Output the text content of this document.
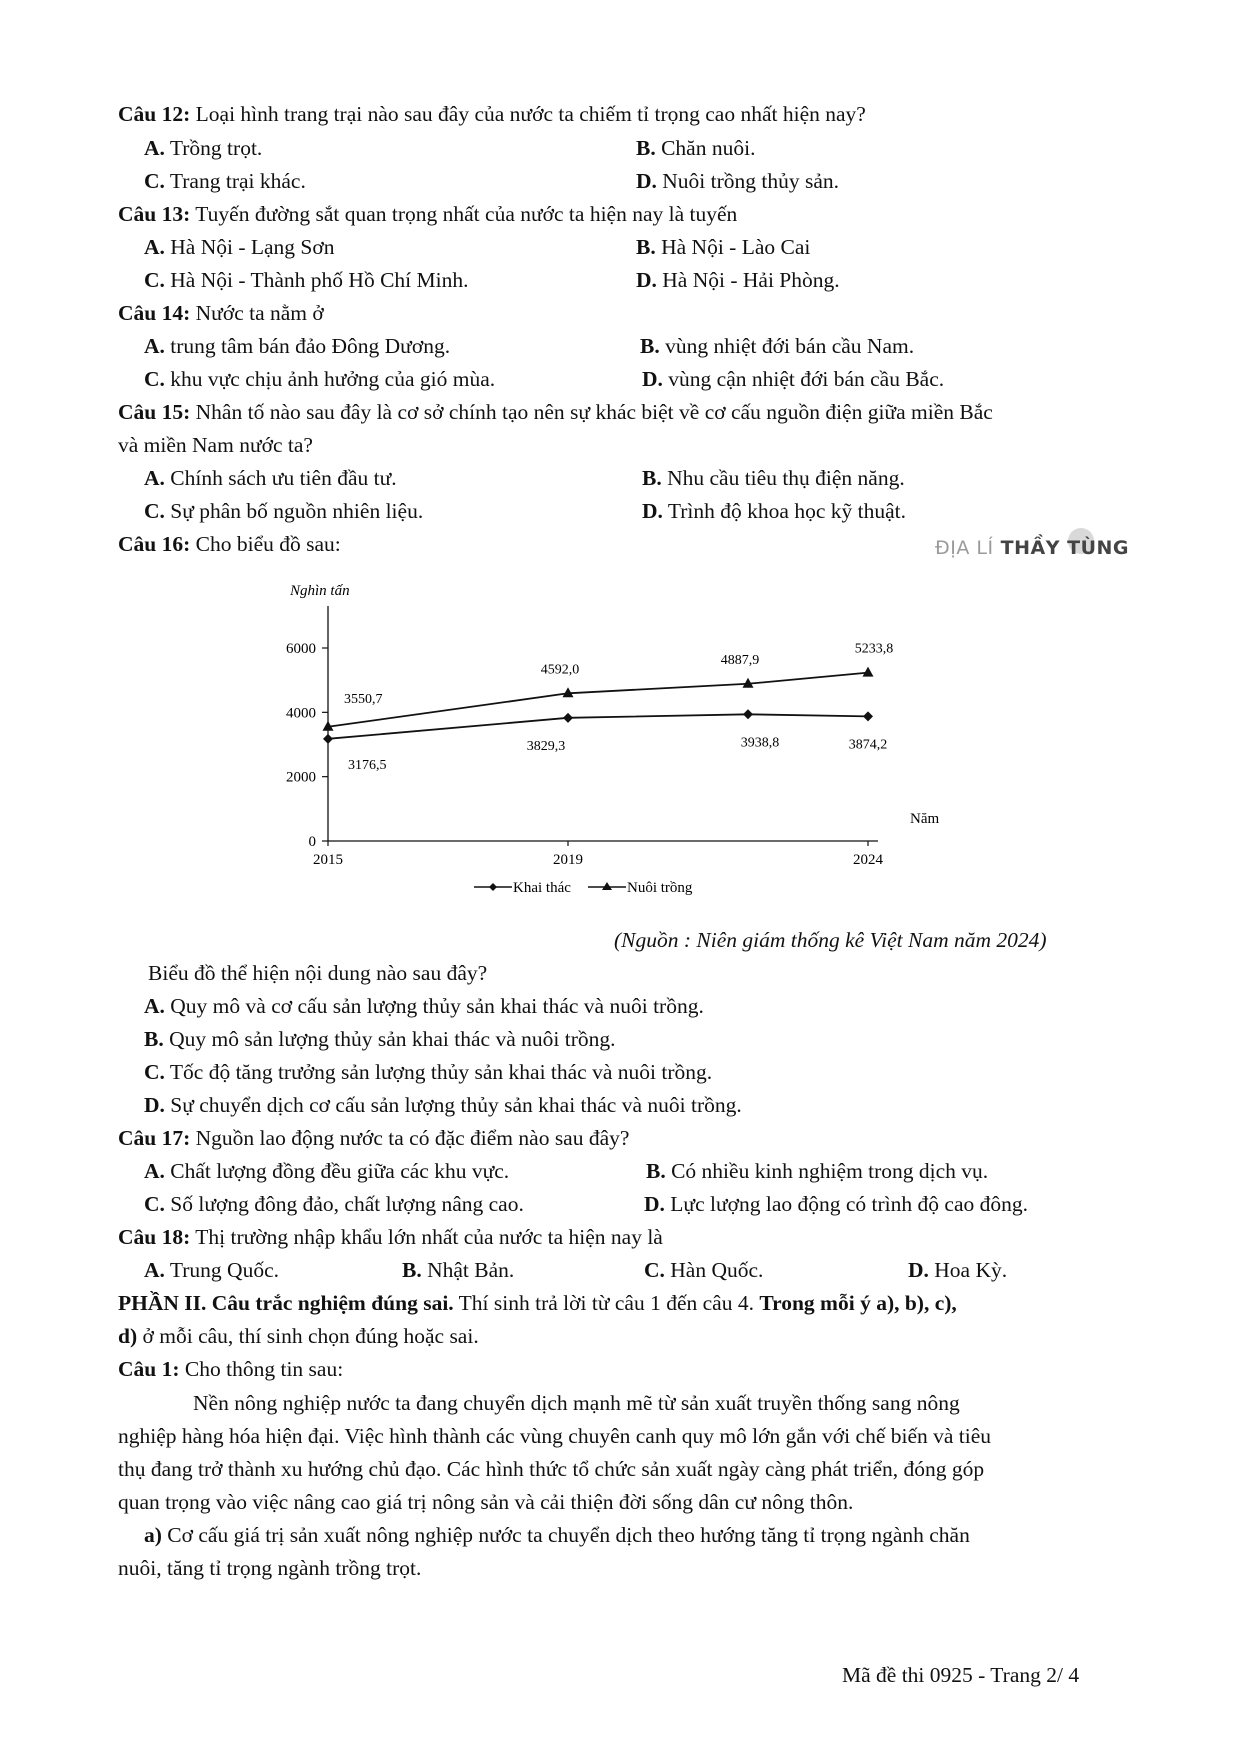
Câu 12: Loại hình trang trại nào sau đây của nước ta chiếm tỉ trọng cao nhất hiện nay?
A. Trồng trọt.	B. Chăn nuôi.
C. Trang trại khác.	D. Nuôi trồng thủy sản.
Câu 13: Tuyến đường sắt quan trọng nhất của nước ta hiện nay là tuyến
A. Hà Nội - Lạng Sơn	B. Hà Nội - Lào Cai
C. Hà Nội - Thành phố Hồ Chí Minh.	D. Hà Nội - Hải Phòng.
Câu 14: Nước ta nằm ở
A. trung tâm bán đảo Đông Dương.	B. vùng nhiệt đới bán cầu Nam.
C. khu vực chịu ảnh hưởng của gió mùa.	D. vùng cận nhiệt đới bán cầu Bắc.
Câu 15: Nhân tố nào sau đây là cơ sở chính tạo nên sự khác biệt về cơ cấu nguồn điện giữa miền Bắc
và miền Nam nước ta?
A. Chính sách ưu tiên đầu tư.	B. Nhu cầu tiêu thụ điện năng.
C. Sự phân bố nguồn nhiên liệu.	D. Trình độ khoa học kỹ thuật.
Câu 16: Cho biểu đồ sau:	ĐỊA LÍ THẦY TÙNG
Nghìn tấn
Năm
0
2000
4000
6000
2015	2019	2024
3176,5
3829,3	3938,8	3874,2
3550,7
4592,0
4887,9
5233,8
Khai thác	Nuôi trồng
(Nguồn : Niên giám thống kê Việt Nam năm 2024)
Biểu đồ thể hiện nội dung nào sau đây?
A. Quy mô và cơ cấu sản lượng thủy sản khai thác và nuôi trồng.
B. Quy mô sản lượng thủy sản khai thác và nuôi trồng.
C. Tốc độ tăng trưởng sản lượng thủy sản khai thác và nuôi trồng.
D. Sự chuyển dịch cơ cấu sản lượng thủy sản khai thác và nuôi trồng.
Câu 17: Nguồn lao động nước ta có đặc điểm nào sau đây?
A. Chất lượng đồng đều giữa các khu vực.	B. Có nhiều kinh nghiệm trong dịch vụ.
C. Số lượng đông đảo, chất lượng nâng cao.	D. Lực lượng lao động có trình độ cao đông.
Câu 18: Thị trường nhập khẩu lớn nhất của nước ta hiện nay là
A. Trung Quốc.	B. Nhật Bản.	C. Hàn Quốc.	D. Hoa Kỳ.
PHẦN II. Câu trắc nghiệm đúng sai. Thí sinh trả lời từ câu 1 đến câu 4. Trong mỗi ý a), b), c),
d) ở mỗi câu, thí sinh chọn đúng hoặc sai.
Câu 1: Cho thông tin sau:
Nền nông nghiệp nước ta đang chuyển dịch mạnh mẽ từ sản xuất truyền thống sang nông
nghiệp hàng hóa hiện đại. Việc hình thành các vùng chuyên canh quy mô lớn gắn với chế biến và tiêu
thụ đang trở thành xu hướng chủ đạo. Các hình thức tổ chức sản xuất ngày càng phát triển, đóng góp
quan trọng vào việc nâng cao giá trị nông sản và cải thiện đời sống dân cư nông thôn.
a) Cơ cấu giá trị sản xuất nông nghiệp nước ta chuyển dịch theo hướng tăng tỉ trọng ngành chăn
nuôi, tăng tỉ trọng ngành trồng trọt.
Mã đề thi 0925 - Trang 2/ 4
